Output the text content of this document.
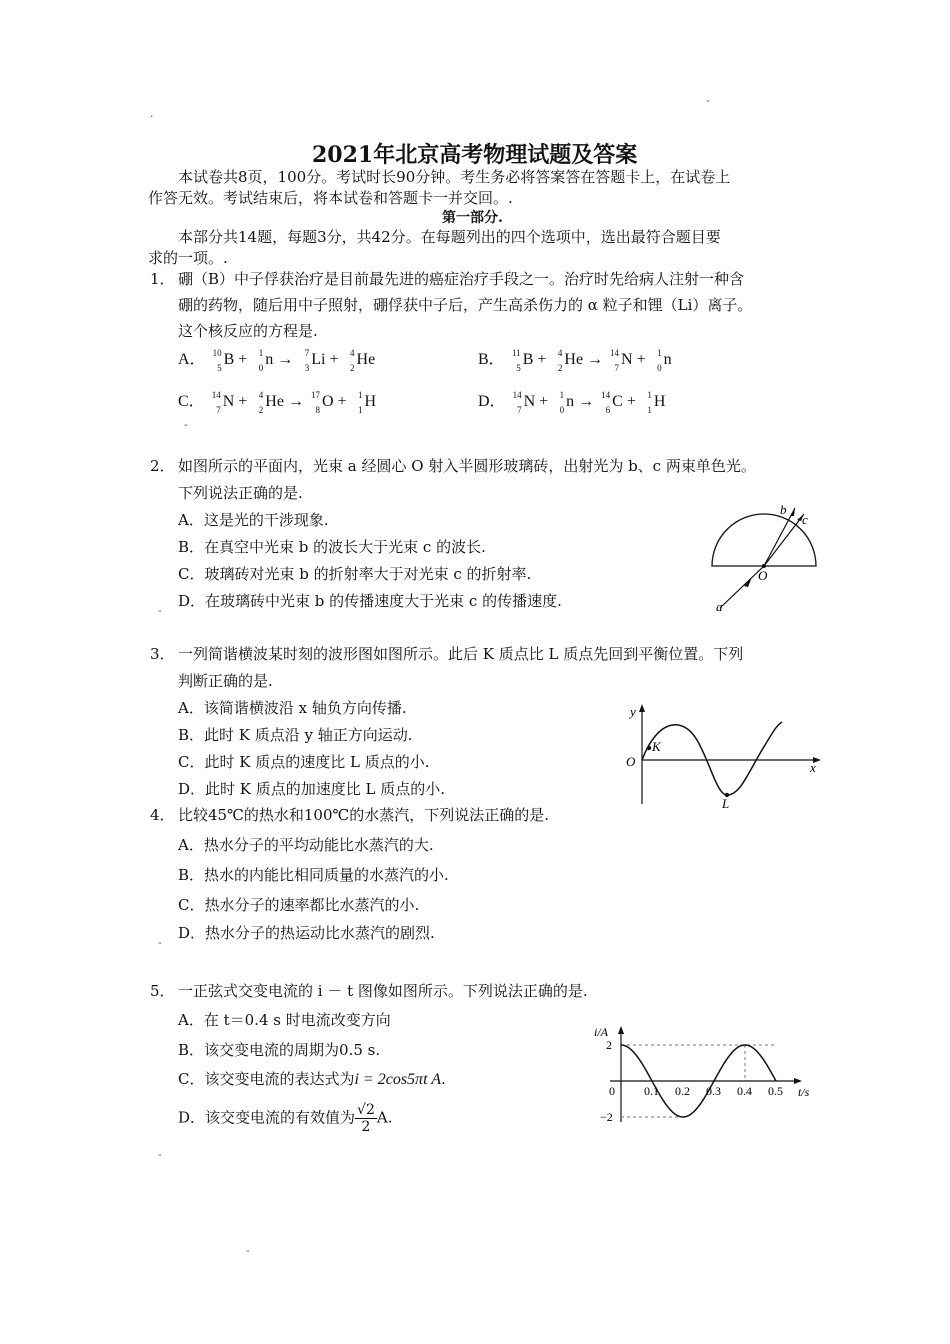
-
·
2021年北京高考物理试题及答案
本试卷共8页，100分。考试时长90分钟。考生务必将答案答在答题卡上，在试卷上
作答无效。考试结束后，将本试卷和答题卡一并交回。.
第一部分.
本部分共14题，每题3分，共42分。在每题列出的四个选项中，选出最符合题目要
求的一项。.
1． 硼（B）中子俘获治疗是目前最先进的癌症治疗手段之一。治疗时先给病人注射一种含
硼的药物，随后用中子照射，硼俘获中子后，产生高杀伤力的 α 粒子和锂（Li）离子。
这个核反应的方程是.
A． 10
5
B + 1
0
n → 7
3
Li + 4
2
He	B． 11
5
B + 4
2
He → 14
7
N + 1
0
n
C． 14
7
N + 4
2
He → 17
8
O + 1
1
H	D． 14
7
N + 1
0
n → 14
6
C + 1
1
H
-
2． 如图所示的平面内，光束 a 经圆心 O 射入半圆形玻璃砖，出射光为 b、c 两束单色光。
下列说法正确的是.
A．这是光的干涉现象.
B．在真空中光束 b 的波长大于光束 c 的波长.
C．玻璃砖对光束 b 的折射率大于对光束 c 的折射率.
D．在玻璃砖中光束 b 的传播速度大于光束 c 的传播速度.
-
b
c
O
a
3． 一列简谐横波某时刻的波形图如图所示。此后 K 质点比 L 质点先回到平衡位置。下列
判断正确的是.
A．该简谐横波沿 x 轴负方向传播.
B．此时 K 质点沿 y 轴正方向运动.
C．此时 K 质点的速度比 L 质点的小.
D．此时 K 质点的加速度比 L 质点的小.
y
x
O
K
L
4． 比较45℃的热水和100℃的水蒸汽，下列说法正确的是.
A．热水分子的平均动能比水蒸汽的大.
B．热水的内能比相同质量的水蒸汽的小.
C．热水分子的速率都比水蒸汽的小.
D．热水分子的热运动比水蒸汽的剧烈.
-
5． 一正弦式交变电流的 i － t 图像如图所示。下列说法正确的是.
A．在 t＝0.4 s 时电流改变方向
B．该交变电流的周期为0.5 s.
C．该交变电流的表达式为i = 2cos5πt A.
D．该交变电流的有效值为 $\frac{√2}{2} A$.
-
-
i/A
t/s
2
−2
0 0.1 0.2 0.3 0.4 0.5
